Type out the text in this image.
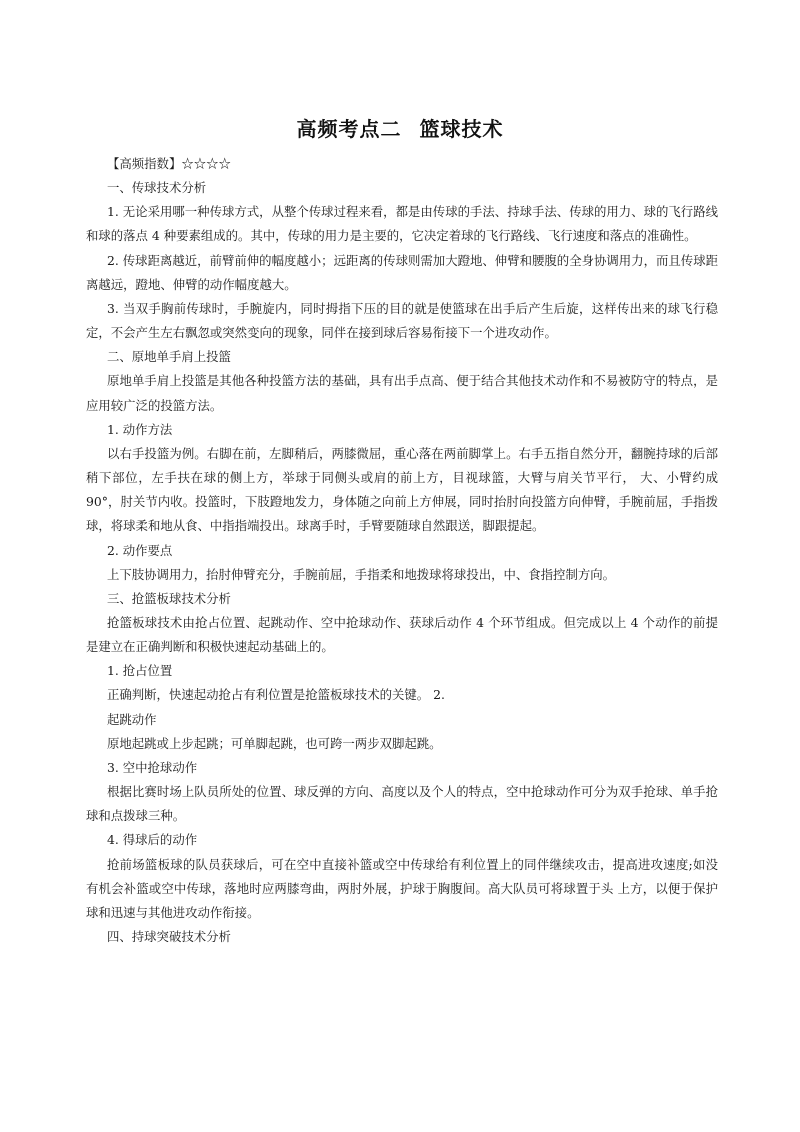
高频考点二 篮球技术

【高频指数】☆☆☆☆

一、传球技术分析

1. 无论采用哪一种传球方式，从整个传球过程来看，都是由传球的手法、持球手法、传球的用力、球的飞行路线和球的落点 4 种要素组成的。其中，传球的用力是主要的，它决定着球的飞行路线、飞行速度和落点的准确性。

2. 传球距离越近，前臂前伸的幅度越小；远距离的传球则需加大蹬地、伸臂和腰腹的全身协调用力，而且传球距离越远，蹬地、伸臂的动作幅度越大。

3. 当双手胸前传球时，手腕旋内，同时拇指下压的目的就是使篮球在出手后产生后旋，这样传出来的球飞行稳定，不会产生左右飘忽或突然变向的现象，同伴在接到球后容易衔接下一个进攻动作。

二、原地单手肩上投篮

原地单手肩上投篮是其他各种投篮方法的基础，具有出手点高、便于结合其他技术动作和不易被防守的特点，是应用较广泛的投篮方法。

1. 动作方法

以右手投篮为例。右脚在前，左脚稍后，两膝微屈，重心落在两前脚掌上。右手五指自然分开，翻腕持球的后部稍下部位，左手扶在球的侧上方，举球于同侧头或肩的前上方，目视球篮，大臂与肩关节平行， 大、小臂约成 90°，肘关节内收。投篮时，下肢蹬地发力，身体随之向前上方伸展，同时抬肘向投篮方向伸臂，手腕前屈，手指拨球，将球柔和地从食、中指指端投出。球离手时，手臂要随球自然跟送，脚跟提起。

2. 动作要点

上下肢协调用力，抬肘伸臂充分，手腕前屈，手指柔和地拨球将球投出，中、食指控制方向。

三、抢篮板球技术分析

抢篮板球技术由抢占位置、起跳动作、空中抢球动作、获球后动作 4 个环节组成。但完成以上 4 个动作的前提是建立在正确判断和积极快速起动基础上的。

1. 抢占位置

正确判断，快速起动抢占有利位置是抢篮板球技术的关键。 2.

起跳动作

原地起跳或上步起跳；可单脚起跳，也可跨一两步双脚起跳。

3. 空中抢球动作

根据比赛时场上队员所处的位置、球反弹的方向、高度以及个人的特点，空中抢球动作可分为双手抢球、单手抢球和点拨球三种。

4. 得球后的动作

抢前场篮板球的队员获球后，可在空中直接补篮或空中传球给有利位置上的同伴继续攻击，提高进攻速度;如没有机会补篮或空中传球，落地时应两膝弯曲，两肘外展，护球于胸腹间。高大队员可将球置于头 上方，以便于保护球和迅速与其他进攻动作衔接。

四、持球突破技术分析
